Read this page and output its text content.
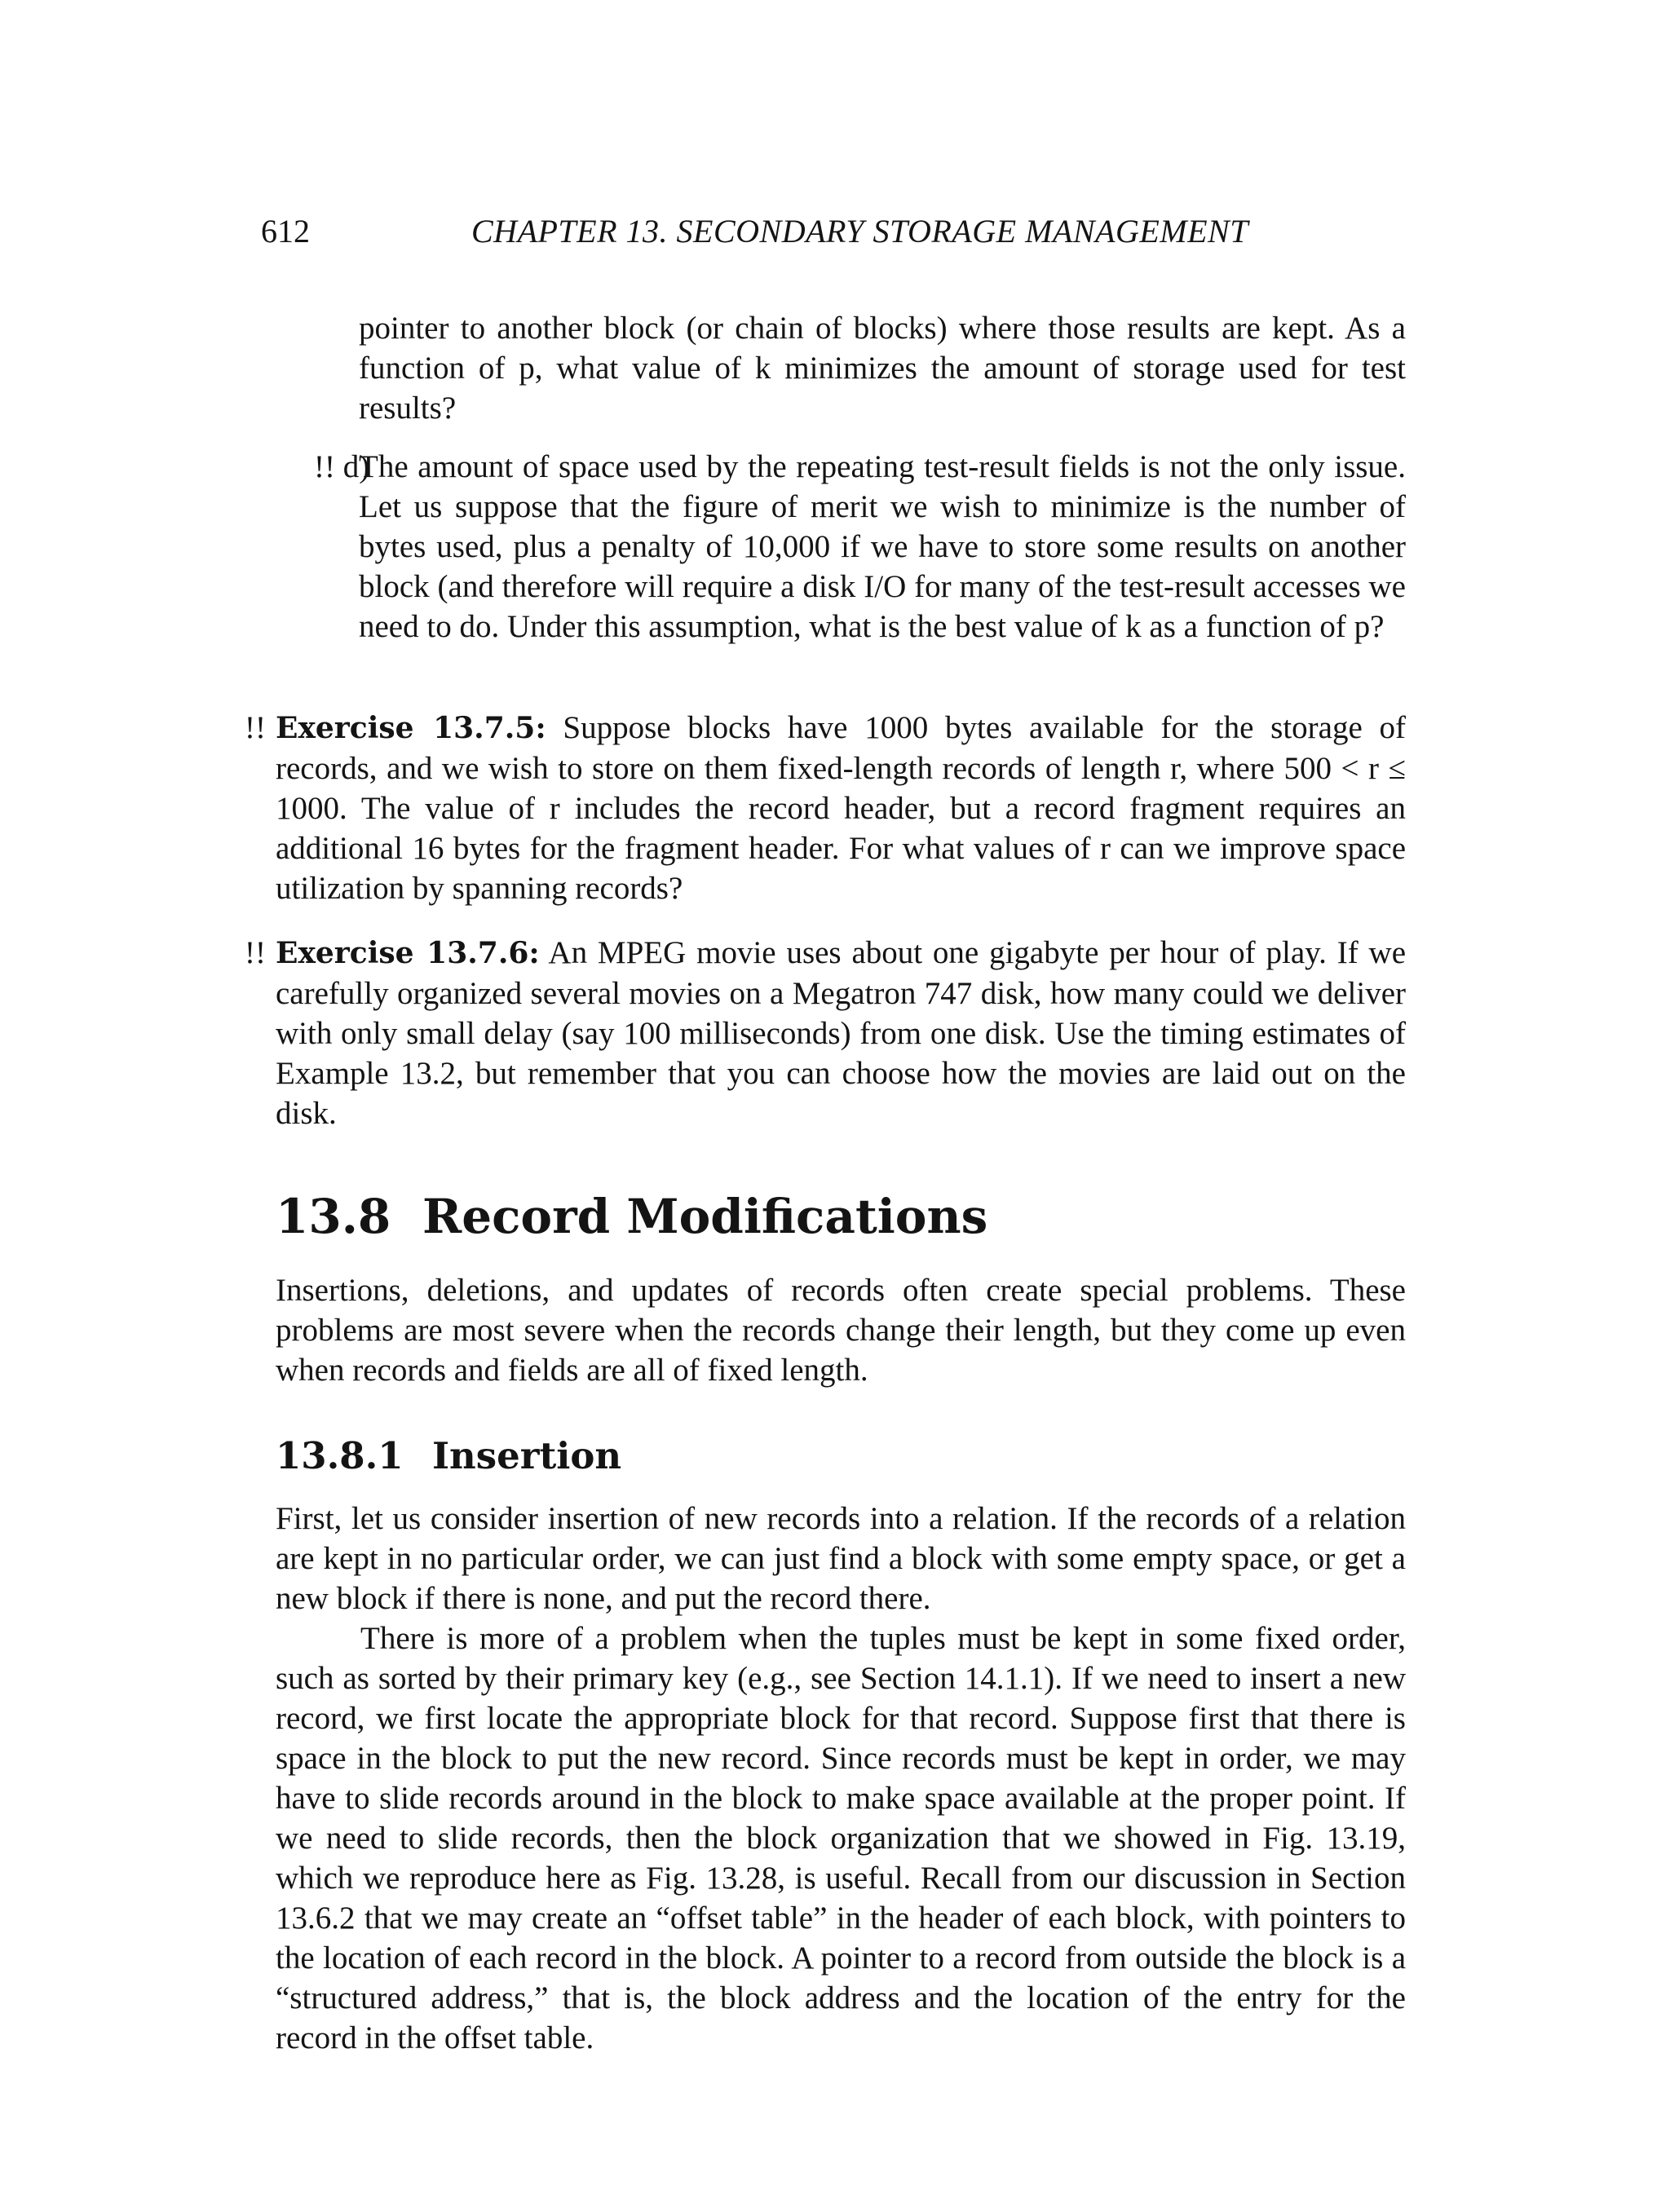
612	CHAPTER 13. SECONDARY STORAGE MANAGEMENT

pointer to another block (or chain of blocks) where those results are kept. As a function of p, what value of k minimizes the amount of storage used for test results?

!! d)

The amount of space used by the repeating test-result fields is not the only issue. Let us suppose that the figure of merit we wish to minimize is the number of bytes used, plus a penalty of 10,000 if we have to store some results on another block (and therefore will require a disk I/O for many of the test-result accesses we need to do. Under this assumption, what is the best value of k as a function of p?

!! Exercise 13.7.5: Suppose blocks have 1000 bytes available for the storage of records, and we wish to store on them fixed-length records of length r, where 500 < r ≤ 1000. The value of r includes the record header, but a record fragment requires an additional 16 bytes for the fragment header. For what values of r can we improve space utilization by spanning records?

!! Exercise 13.7.6: An MPEG movie uses about one gigabyte per hour of play. If we carefully organized several movies on a Megatron 747 disk, how many could we deliver with only small delay (say 100 milliseconds) from one disk. Use the timing estimates of Example 13.2, but remember that you can choose how the movies are laid out on the disk.

13.8 Record Modifications

Insertions, deletions, and updates of records often create special problems. These problems are most severe when the records change their length, but they come up even when records and fields are all of fixed length.

13.8.1 Insertion

First, let us consider insertion of new records into a relation. If the records of a relation are kept in no particular order, we can just find a block with some empty space, or get a new block if there is none, and put the record there.

There is more of a problem when the tuples must be kept in some fixed order, such as sorted by their primary key (e.g., see Section 14.1.1). If we need to insert a new record, we first locate the appropriate block for that record. Suppose first that there is space in the block to put the new record. Since records must be kept in order, we may have to slide records around in the block to make space available at the proper point. If we need to slide records, then the block organization that we showed in Fig. 13.19, which we reproduce here as Fig. 13.28, is useful. Recall from our discussion in Section 13.6.2 that we may create an “offset table” in the header of each block, with pointers to the location of each record in the block. A pointer to a record from outside the block is a “structured address,” that is, the block address and the location of the entry for the record in the offset table.
